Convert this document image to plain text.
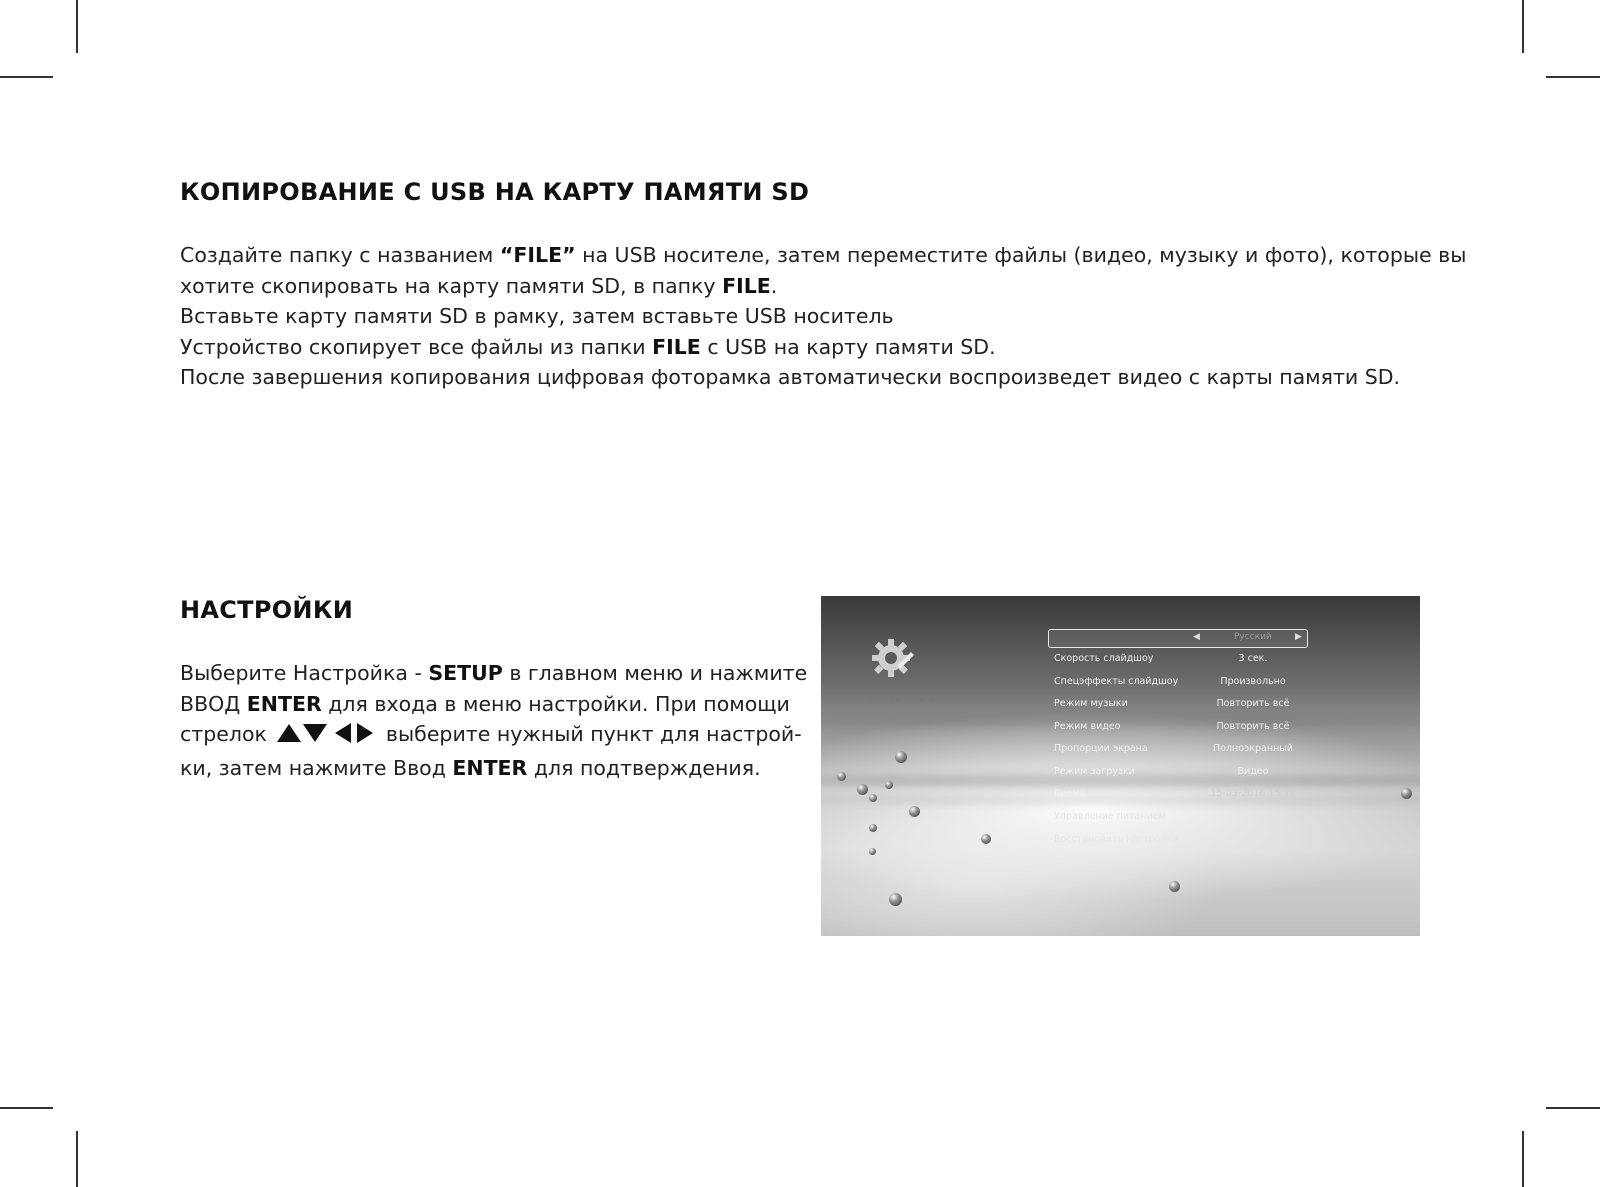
КОПИРОВАНИЕ С USB НА КАРТУ ПАМЯТИ SD

Создайте папку с названием “FILE” на USB носителе, затем переместите файлы (видео, музыку и фото), которые вы

хотите скопировать на карту памяти SD, в папку FILE.

Вставьте карту памяти SD в рамку, затем вставьте USB носитель

Устройство скопирует все файлы из папки FILE с USB на карту памяти SD.

После завершения копирования цифровая фоторамка автоматически воспроизведет видео с карты памяти SD.

НАСТРОЙКИ

Выберите Настройка - SETUP в главном меню и нажмите

ВВОД ENTER для входа в меню настройки. При помощи

стрелок	выберите нужный пункт для настрой-

ки, затем нажмите Ввод ENTER для подтверждения.

MD10D-072-R
◀	Русский	▶
Скорость слайдшоу	3 сек.
Спецэффекты слайдшоу	Произвольно
Режим музыки	Повторить всё
Режим видео	Повторить всё
Пропорции экрана	Полноэкранный
Режим загрузки	Видео
Время	15-03-2016 15:18
Управление питанием
Восстановить настройки
